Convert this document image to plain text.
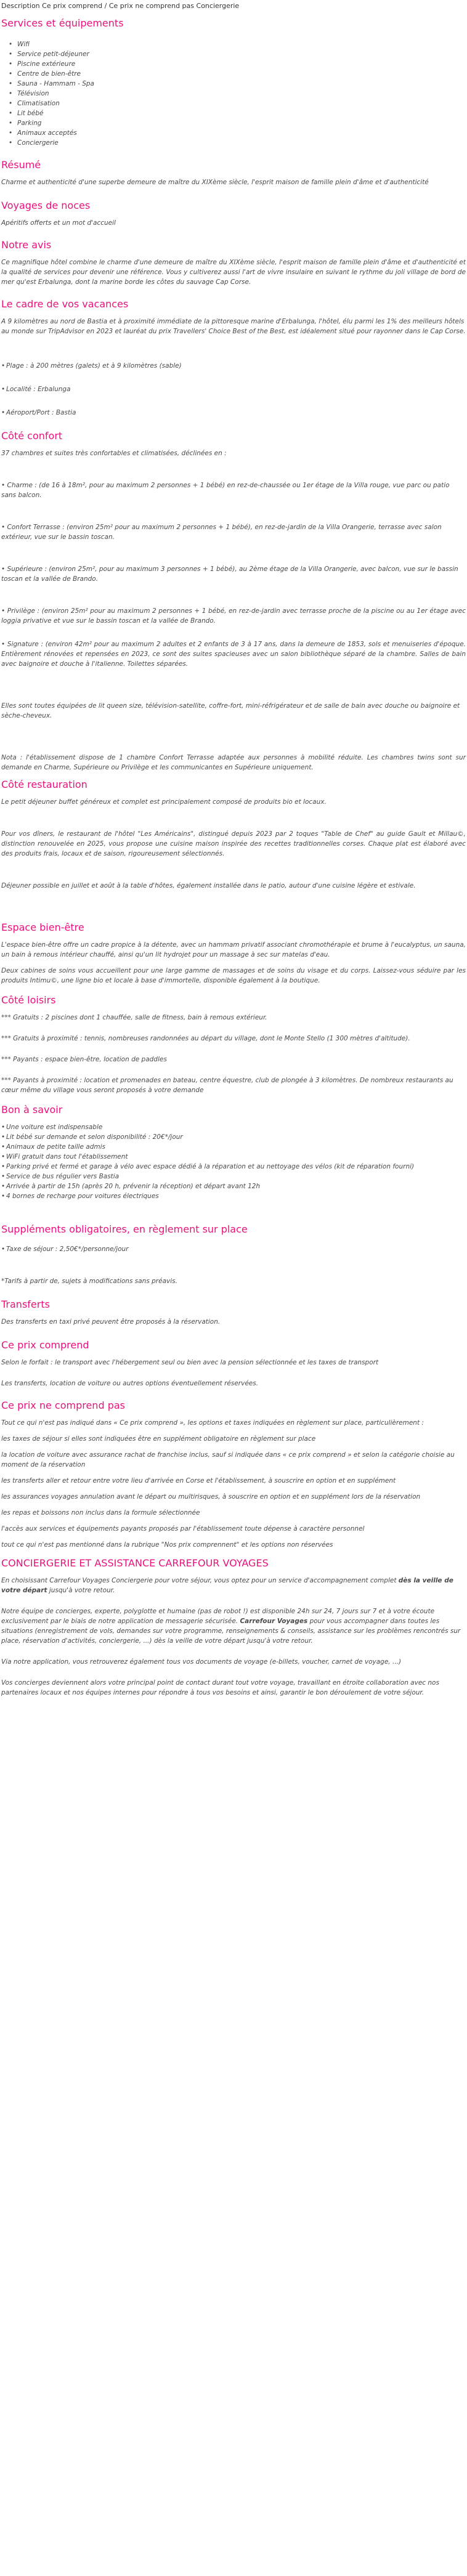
Description Ce prix comprend / Ce prix ne comprend pas Conciergerie
Services et équipements
• Wifi
• Service petit-déjeuner
• Piscine extérieure
• Centre de bien-être
• Sauna - Hammam - Spa
• Télévision
• Climatisation
• Lit bébé
• Parking
• Animaux acceptés
• Conciergerie
Résumé

Charme et authenticité d'une superbe demeure de maître du XIXème siècle, l'esprit maison de famille plein d'âme et d'authenticité

Voyages de noces

Apéritifs offerts et un mot d'accueil

Notre avis

Ce magnifique hôtel combine le charme d'une demeure de maître du XIXème siècle, l'esprit maison de famille plein d'âme et d'authenticité et la qualité de services pour devenir une référence. Vous y cultiverez aussi l'art de vivre insulaire en suivant le rythme du joli village de bord de mer qu'est Erbalunga, dont la marine borde les côtes du sauvage Cap Corse.

Le cadre de vos vacances

A 9 kilomètres au nord de Bastia et à proximité immédiate de la pittoresque marine d'Erbalunga, l'hôtel, élu parmi les 1% des meilleurs hôtels au monde sur TripAdvisor en 2023 et lauréat du prix Travellers' Choice Best of the Best, est idéalement situé pour rayonner dans le Cap Corse.

• Plage : à 200 mètres (galets) et à 9 kilomètres (sable)
• Localité : Erbalunga
• Aéroport/Port : Bastia
Côté confort

37 chambres et suites très confortables et climatisées, déclinées en :

• Charme : (de 16 à 18m², pour au maximum 2 personnes + 1 bébé) en rez-de-chaussée ou 1er étage de la Villa rouge, vue parc ou patio sans balcon.

• Confort Terrasse : (environ 25m² pour au maximum 2 personnes + 1 bébé), en rez-de-jardin de la Villa Orangerie, terrasse avec salon extérieur, vue sur le bassin toscan.

• Supérieure : (environ 25m², pour au maximum 3 personnes + 1 bébé), au 2ème étage de la Villa Orangerie, avec balcon, vue sur le bassin toscan et la vallée de Brando.

• Privilège : (environ 25m² pour au maximum 2 personnes + 1 bébé, en rez-de-jardin avec terrasse proche de la piscine ou au 1er étage avec loggia privative et vue sur le bassin toscan et la vallée de Brando.

• Signature : (environ 42m² pour au maximum 2 adultes et 2 enfants de 3 à 17 ans, dans la demeure de 1853, sols et menuiseries d'époque. Entièrement rénovées et repensées en 2023, ce sont des suites spacieuses avec un salon bibliothèque séparé de la chambre. Salles de bain avec baignoire et douche à l'italienne. Toilettes séparées.

Elles sont toutes équipées de lit queen size, télévision-satellite, coffre-fort, mini-réfrigérateur et de salle de bain avec douche ou baignoire et sèche-cheveux.

Nota : l'établissement dispose de 1 chambre Confort Terrasse adaptée aux personnes à mobilité réduite. Les chambres twins sont sur demande en Charme, Supérieure ou Privilège et les communicantes en Supérieure uniquement.

Côté restauration

Le petit déjeuner buffet généreux et complet est principalement composé de produits bio et locaux.

Pour vos dîners, le restaurant de l'hôtel "Les Américains", distingué depuis 2023 par 2 toques "Table de Chef" au guide Gault et Millau©, distinction renouvelée en 2025, vous propose une cuisine maison inspirée des recettes traditionnelles corses. Chaque plat est élaboré avec des produits frais, locaux et de saison, rigoureusement sélectionnés.

Déjeuner possible en juillet et août à la table d'hôtes, également installée dans le patio, autour d'une cuisine légère et estivale.

Espace bien-être

L'espace bien-être offre un cadre propice à la détente, avec un hammam privatif associant chromothérapie et brume à l'eucalyptus, un sauna, un bain à remous intérieur chauffé, ainsi qu'un lit hydrojet pour un massage à sec sur matelas d'eau.

Deux cabines de soins vous accueillent pour une large gamme de massages et de soins du visage et du corps. Laissez-vous séduire par les produits Intimu©, une ligne bio et locale à base d'immortelle, disponible également à la boutique.

Côté loisirs

*** Gratuits : 2 piscines dont 1 chauffée, salle de fitness, bain à remous extérieur.

*** Gratuits à proximité : tennis, nombreuses randonnées au départ du village, dont le Monte Stello (1 300 mètres d'altitude).

*** Payants : espace bien-être, location de paddles

*** Payants à proximité : location et promenades en bateau, centre équestre, club de plongée à 3 kilomètres. De nombreux restaurants au cœur même du village vous seront proposés à votre demande

Bon à savoir
• Une voiture est indispensable
• Lit bébé sur demande et selon disponibilité : 20€*/jour
• Animaux de petite taille admis
• WiFi gratuit dans tout l'établissement
• Parking privé et fermé et garage à vélo avec espace dédié à la réparation et au nettoyage des vélos (kit de réparation fourni)
• Service de bus régulier vers Bastia
• Arrivée à partir de 15h (après 20 h, prévenir la réception) et départ avant 12h
• 4 bornes de recharge pour voitures électriques
Suppléments obligatoires, en règlement sur place
• Taxe de séjour : 2,50€*/personne/jour

*Tarifs à partir de, sujets à modifications sans préavis.

Transferts

Des transferts en taxi privé peuvent être proposés à la réservation.

Ce prix comprend

Selon le forfait : le transport avec l'hébergement seul ou bien avec la pension sélectionnée et les taxes de transport

Les transferts, location de voiture ou autres options éventuellement réservées.

Ce prix ne comprend pas

Tout ce qui n'est pas indiqué dans « Ce prix comprend », les options et taxes indiquées en règlement sur place, particulièrement :

les taxes de séjour si elles sont indiquées être en supplément obligatoire en règlement sur place

la location de voiture avec assurance rachat de franchise inclus, sauf si indiquée dans « ce prix comprend » et selon la catégorie choisie au moment de la réservation

les transferts aller et retour entre votre lieu d'arrivée en Corse et l'établissement, à souscrire en option et en supplément

les assurances voyages annulation avant le départ ou multirisques, à souscrire en option et en supplément lors de la réservation

les repas et boissons non inclus dans la formule sélectionnée

l'accès aux services et équipements payants proposés par l'établissement toute dépense à caractère personnel

tout ce qui n'est pas mentionné dans la rubrique "Nos prix comprennent" et les options non réservées

CONCIERGERIE ET ASSISTANCE CARREFOUR VOYAGES

En choisissant Carrefour Voyages Conciergerie pour votre séjour, vous optez pour un service d'accompagnement complet dès la veille de votre départ jusqu'à votre retour.

Notre équipe de concierges, experte, polyglotte et humaine (pas de robot !) est disponible 24h sur 24, 7 jours sur 7 et à votre écoute exclusivement par le biais de notre application de messagerie sécurisée. Carrefour Voyages pour vous accompagner dans toutes les situations (enregistrement de vols, demandes sur votre programme, renseignements & conseils, assistance sur les problèmes rencontrés sur place, réservation d'activités, conciergerie, ...) dès la veille de votre départ jusqu'à votre retour.

Via notre application, vous retrouverez également tous vos documents de voyage (e-billets, voucher, carnet de voyage, ...)

Vos concierges deviennent alors votre principal point de contact durant tout votre voyage, travaillant en étroite collaboration avec nos partenaires locaux et nos équipes internes pour répondre à tous vos besoins et ainsi, garantir le bon déroulement de votre séjour.
